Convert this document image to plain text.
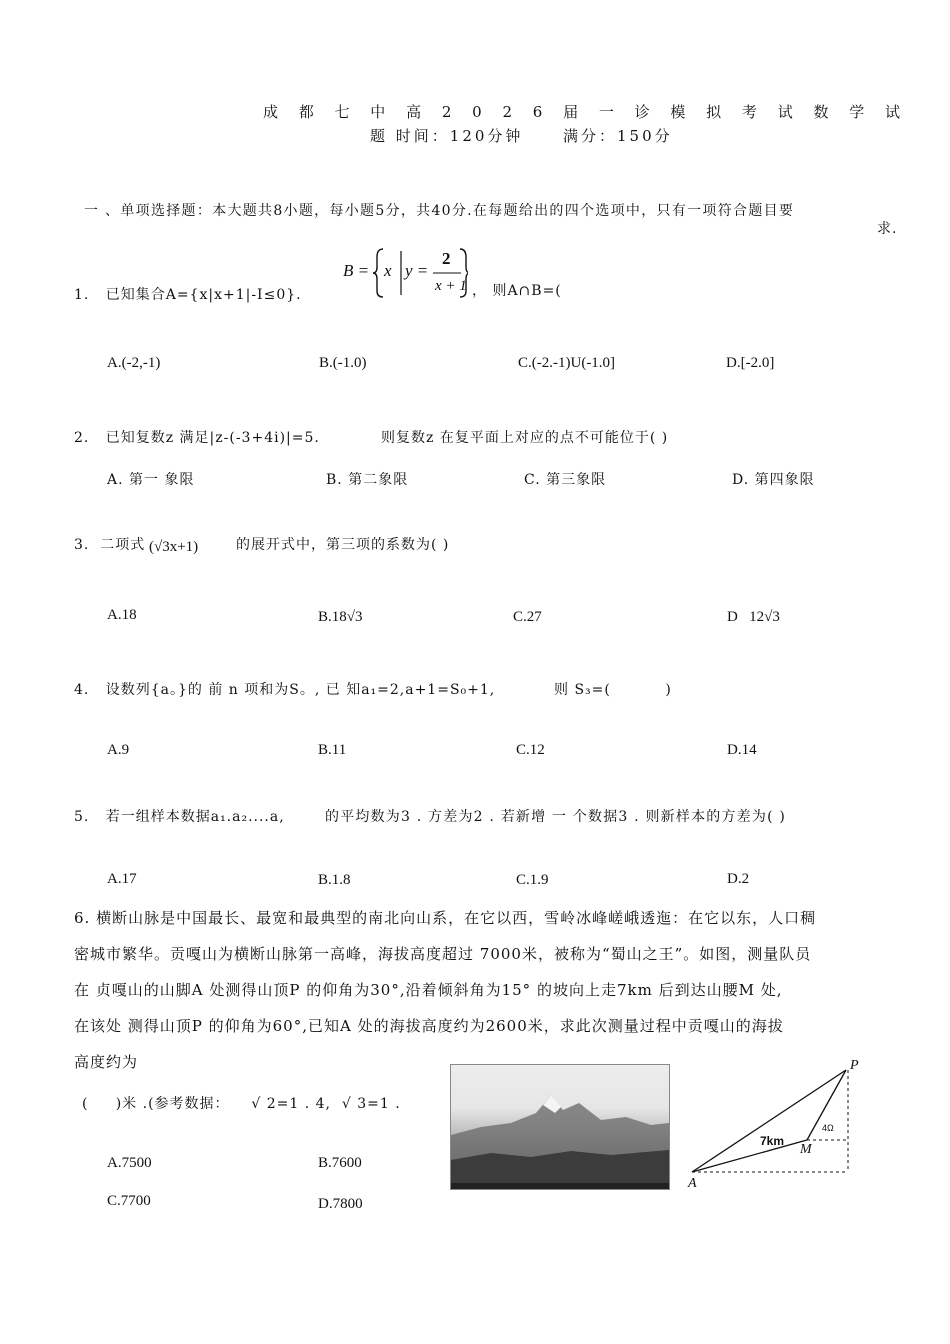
成 都 七 中 高 2 0 2 6 届 一 诊 模 拟 考 试 数 学 试
题 时间：120分钟	满分：150分
一 、单项选择题：本大题共8小题，每小题5分，共40分.在每题给出的四个选项中，只有一项符合题目要
求.
1. 已知集合A={x|x+1|-I≤0}.
B = x y =
2
x + 1 ， 则A∩B=(
A.(-2,-1)	B.(-1.0)	C.(-2.-1)U(-1.0]	D.[-2.0]
2. 已知复数z 满足|z-(-3+4i)|=5.	则复数z 在复平面上对应的点不可能位于( )
A. 第一 象限	B. 第二象限	C. 第三象限	D. 第四象限
3. 二项式 (√3x+1)	的展开式中，第三项的系数为( )
A.18	B.18√3	C.27	D   12√3
4. 设数列{a。}的 前 n 项和为S。, 已 知a₁=2,a+1=S₀+1,	则 S₃=(          )
A.9	B.11	C.12	D.14
5. 若一组样本数据a₁.a₂....a,	的平均数为3 . 方差为2 . 若新增 一 个数据3 . 则新样本的方差为( )
A.17	B.1.8	C.1.9	D.2
6. 横断山脉是中国最长、最宽和最典型的南北向山系，在它以西，雪岭冰峰嵯峨透迤：在它以东，人口稠
密城市繁华。贡嘎山为横断山脉第一高峰，海拔高度超过 7000米，被称为“蜀山之王”。如图，测量队员
在 贞嘎山的山脚A 处测得山顶P 的仰角为30°,沿着倾斜角为15° 的坡向上走7km 后到达山腰M 处,
在该处 测得山顶P 的仰角为60°,已知A 处的海拔高度约为2600米，求此次测量过程中贡嘎山的海拔
高度约为
(     )米 .(参考数据：    √ 2=1 . 4,  √ 3=1 .
P
A
M
7km
4Ω
A.7500	B.7600
C.7700	D.7800
